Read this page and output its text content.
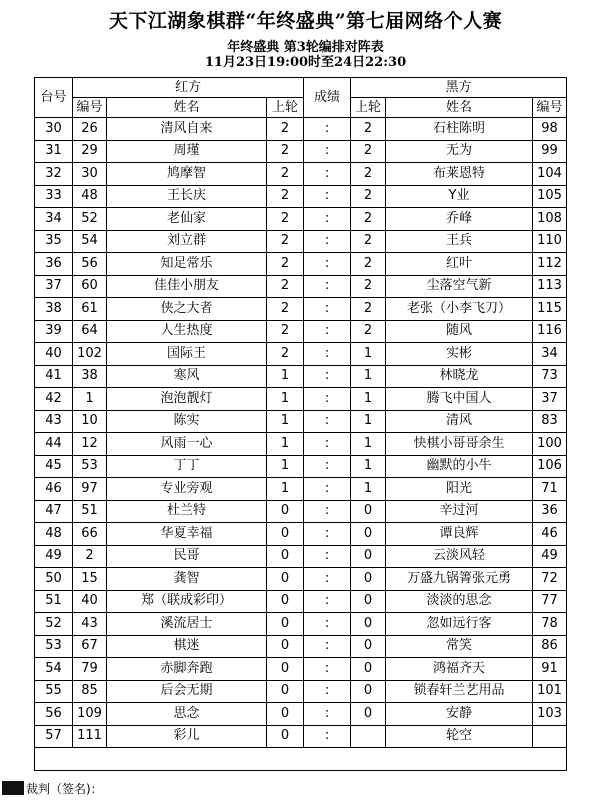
天下江湖象棋群“年终盛典”第七届网络个人赛
年终盛典 第3轮编排对阵表
11月23日19:00时至24日22:30
台号	红方			成绩	黑方		
	编号	姓名	上轮		上轮	姓名	编号
30	26	清风自来	2	:	2	石柱陈明	98
31	29	周瑾	2	:	2	无为	99
32	30	鸠摩智	2	:	2	布莱恩特	104
33	48	王长庆	2	:	2	Y业	105
34	52	老仙家	2	:	2	乔峰	108
35	54	刘立群	2	:	2	王兵	110
36	56	知足常乐	2	:	2	红叶	112
37	60	佳佳小朋友	2	:	2	尘落空气新	113
38	61	侠之大者	2	:	2	老张（小李飞刀）	115
39	64	人生热度	2	:	2	随风	116
40	102	国际王	2	:	1	实彬	34
41	38	寒风	1	:	1	林晓龙	73
42	1	泡泡靓灯	1	:	1	腾飞中国人	37
43	10	陈实	1	:	1	清风	83
44	12	风雨一心	1	:	1	快棋小哥哥余生	100
45	53	丁丁	1	:	1	幽默的小牛	106
46	97	专业旁观	1	:	1	阳光	71
47	51	杜兰特	0	:	0	辛过河	36
48	66	华夏幸福	0	:	0	谭良辉	46
49	2	民哥	0	:	0	云淡风轻	49
50	15	龚智	0	:	0	万盛九锅箐张元勇	72
51	40	郑（联成彩印）	0	:	0	淡淡的思念	77
52	43	溪流居士	0	:	0	忽如远行客	78
53	67	棋迷	0	:	0	常笑	86
54	79	赤脚奔跑	0	:	0	鸿福齐天	91
55	85	后会无期	0	:	0	锁春轩兰艺用品	101
56	109	思念	0	:	0	安静	103
57	111	彩儿	0	:		轮空	

裁判（签名)：
